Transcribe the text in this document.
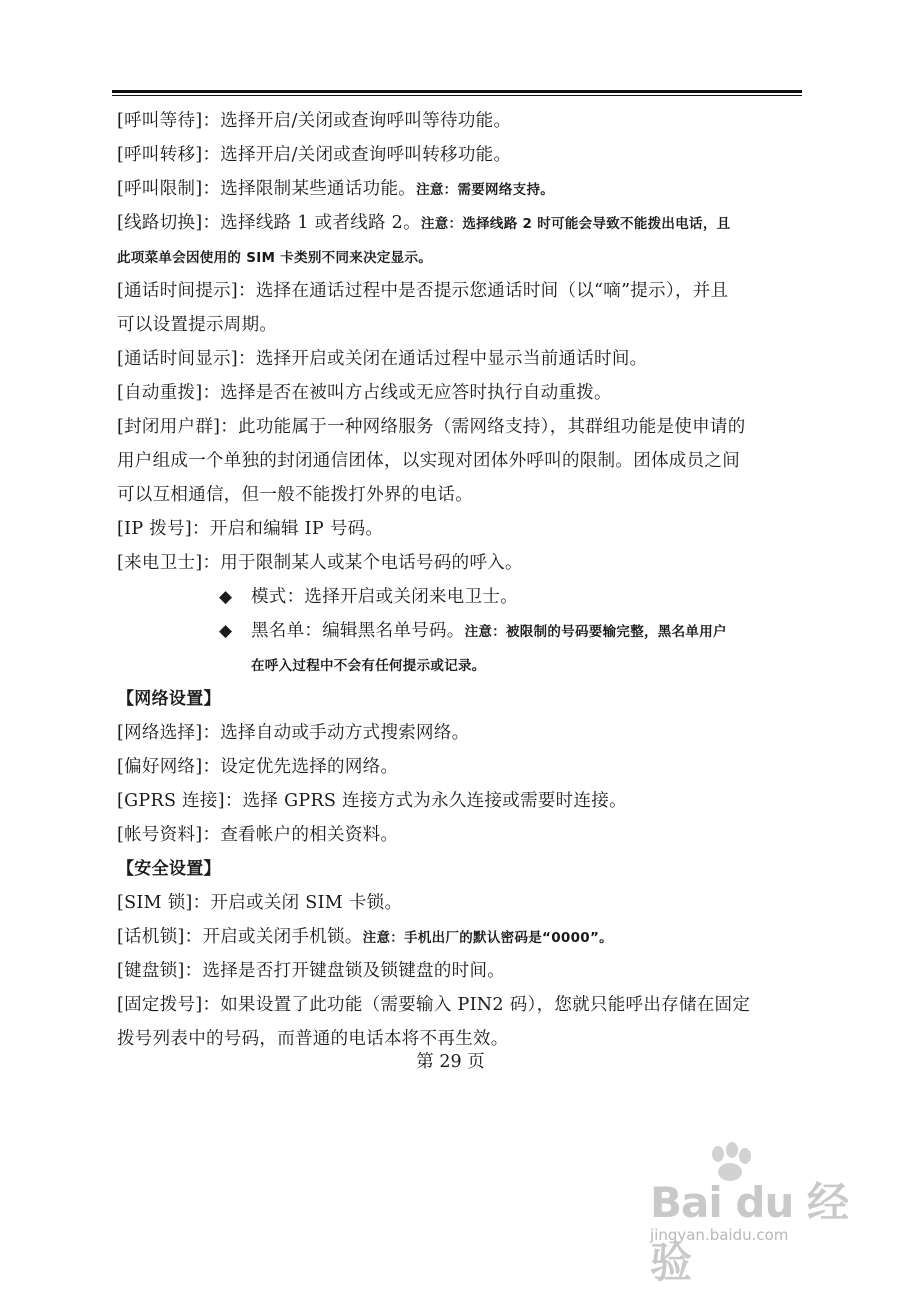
[呼叫等待]：选择开启/关闭或查询呼叫等待功能。
[呼叫转移]：选择开启/关闭或查询呼叫转移功能。
[呼叫限制]：选择限制某些通话功能。注意：需要网络支持。
[线路切换]：选择线路 1 或者线路 2。注意：选择线路 2 时可能会导致不能拨出电话，且
此项菜单会因使用的 SIM 卡类别不同来决定显示。
[通话时间提示]：选择在通话过程中是否提示您通话时间（以“嘀”提示），并且
可以设置提示周期。
[通话时间显示]：选择开启或关闭在通话过程中显示当前通话时间。
[自动重拨]：选择是否在被叫方占线或无应答时执行自动重拨。
[封闭用户群]：此功能属于一种网络服务（需网络支持），其群组功能是使申请的
用户组成一个单独的封闭通信团体，以实现对团体外呼叫的限制。团体成员之间
可以互相通信，但一般不能拨打外界的电话。
[IP 拨号]：开启和编辑 IP 号码。
[来电卫士]：用于限制某人或某个电话号码的呼入。
◆ 模式：选择开启或关闭来电卫士。
◆ 黑名单：编辑黑名单号码。注意：被限制的号码要输完整，黑名单用户
在呼入过程中不会有任何提示或记录。
【网络设置】
[网络选择]：选择自动或手动方式搜索网络。
[偏好网络]：设定优先选择的网络。
[GPRS 连接]：选择 GPRS 连接方式为永久连接或需要时连接。
[帐号资料]：查看帐户的相关资料。
【安全设置】
[SIM 锁]：开启或关闭 SIM 卡锁。
[话机锁]：开启或关闭手机锁。注意：手机出厂的默认密码是“0000”。
[键盘锁]：选择是否打开键盘锁及锁键盘的时间。
[固定拨号]：如果设置了此功能（需要输入 PIN2 码），您就只能呼出存储在固定
拨号列表中的号码，而普通的电话本将不再生效。
第 29 页
Bai du 经验
jingyan.baidu.com
